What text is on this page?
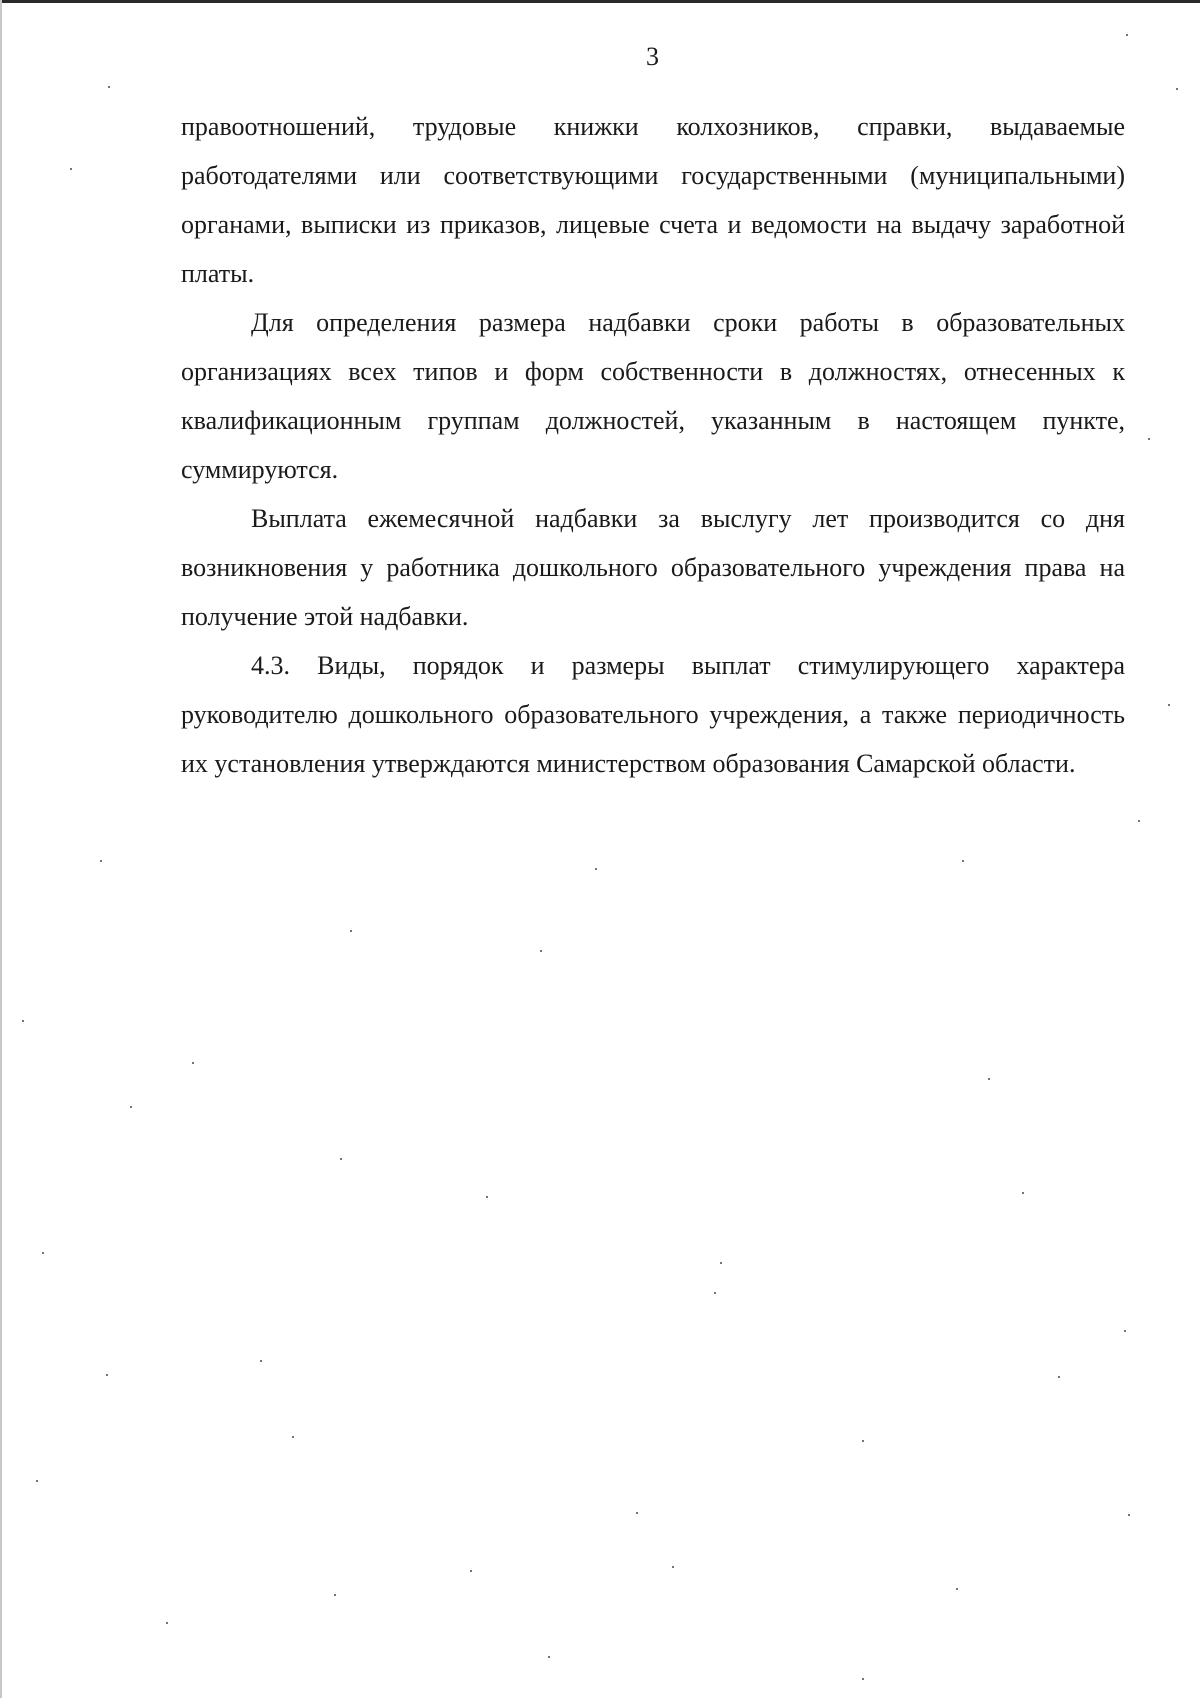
3

правоотношений, трудовые книжки колхозников, справки, выдаваемые работодателями или соответствующими государственными (муниципальными) органами, выписки из приказов, лицевые счета и ведомости на выдачу заработной платы.

Для определения размера надбавки сроки работы в образовательных организациях всех типов и форм собственности в должностях, отнесенных к квалификационным группам должностей, указанным в настоящем пункте, суммируются.

Выплата ежемесячной надбавки за выслугу лет производится со дня возникновения у работника дошкольного образовательного учреждения права на получение этой надбавки.

4.3. Виды, порядок и размеры выплат стимулирующего характера руководителю дошкольного образовательного учреждения, а также периодичность их установления утверждаются министерством образования Самарской области.
